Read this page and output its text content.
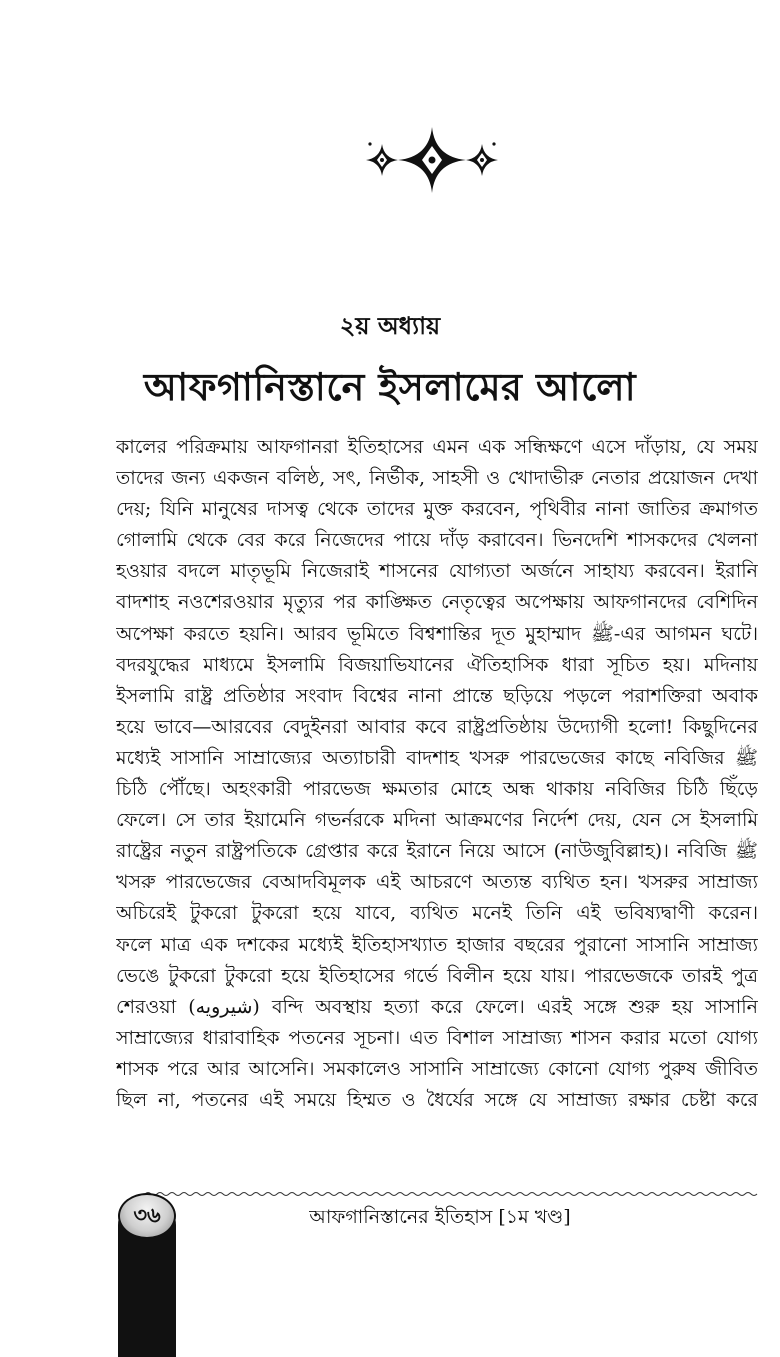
২য় অধ্যায়
আফগানিস্তানে ইসলামের আলো

কালের পরিক্রমায় আফগানরা ইতিহাসের এমন এক সন্ধিক্ষণে এসে দাঁড়ায়, যে সময়
তাদের জন্য একজন বলিষ্ঠ, সৎ, নির্ভীক, সাহসী ও খোদাভীরু নেতার প্রয়োজন দেখা
দেয়; যিনি মানুষের দাসত্ব থেকে তাদের মুক্ত করবেন, পৃথিবীর নানা জাতির ক্রমাগত
গোলামি থেকে বের করে নিজেদের পায়ে দাঁড় করাবেন। ভিনদেশি শাসকদের খেলনা
হওয়ার বদলে মাতৃভূমি নিজেরাই শাসনের যোগ্যতা অর্জনে সাহায্য করবেন। ইরানি
বাদশাহ নওশেরওয়ার মৃত্যুর পর কাঙ্ক্ষিত নেতৃত্বের অপেক্ষায় আফগানদের বেশিদিন
অপেক্ষা করতে হয়নি। আরব ভূমিতে বিশ্বশান্তির দূত মুহাম্মাদ ﷺ-এর আগমন ঘটে।
বদরযুদ্ধের মাধ্যমে ইসলামি বিজয়াভিযানের ঐতিহাসিক ধারা সূচিত হয়। মদিনায়
ইসলামি রাষ্ট্র প্রতিষ্ঠার সংবাদ বিশ্বের নানা প্রান্তে ছড়িয়ে পড়লে পরাশক্তিরা অবাক
হয়ে ভাবে—আরবের বেদুইনরা আবার কবে রাষ্ট্রপ্রতিষ্ঠায় উদ্যোগী হলো! কিছুদিনের
মধ্যেই সাসানি সাম্রাজ্যের অত্যাচারী বাদশাহ খসরু পারভেজের কাছে নবিজির ﷺ
চিঠি পৌঁছে। অহংকারী পারভেজ ক্ষমতার মোহে অন্ধ থাকায় নবিজির চিঠি ছিঁড়ে
ফেলে। সে তার ইয়ামেনি গভর্নরকে মদিনা আক্রমণের নির্দেশ দেয়, যেন সে ইসলামি
রাষ্ট্রের নতুন রাষ্ট্রপতিকে গ্রেপ্তার করে ইরানে নিয়ে আসে (নাউজুবিল্লাহ)। নবিজি ﷺ
খসরু পারভেজের বেআদবিমূলক এই আচরণে অত্যন্ত ব্যথিত হন। খসরুর সাম্রাজ্য
অচিরেই টুকরো টুকরো হয়ে যাবে, ব্যথিত মনেই তিনি এই ভবিষ্যদ্বাণী করেন।
ফলে মাত্র এক দশকের মধ্যেই ইতিহাসখ্যাত হাজার বছরের পুরানো সাসানি সাম্রাজ্য
ভেঙে টুকরো টুকরো হয়ে ইতিহাসের গর্ভে বিলীন হয়ে যায়। পারভেজকে তারই পুত্র
শেরওয়া (شیرویه) বন্দি অবস্থায় হত্যা করে ফেলে। এরই সঙ্গে শুরু হয় সাসানি
সাম্রাজ্যের ধারাবাহিক পতনের সূচনা। এত বিশাল সাম্রাজ্য শাসন করার মতো যোগ্য
শাসক পরে আর আসেনি। সমকালেও সাসানি সাম্রাজ্যে কোনো যোগ্য পুরুষ জীবিত
ছিল না, পতনের এই সময়ে হিম্মত ও ধৈর্যের সঙ্গে যে সাম্রাজ্য রক্ষার চেষ্টা করে

৩৬	আফগানিস্তানের ইতিহাস [১ম খণ্ড]
